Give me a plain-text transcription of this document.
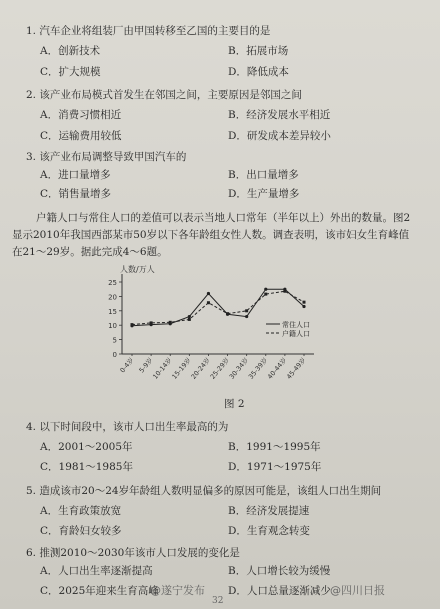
1. 汽车企业将组装厂由甲国转移至乙国的主要目的是
A．创新技术	B．拓展市场
C．扩大规模	D．降低成本
2. 该产业布局模式首发生在邻国之间，主要原因是邻国之间
A．消费习惯相近	B．经济发展水平相近
C．运输费用较低	D．研发成本差异较小
3. 该产业布局调整导致甲国汽车的
A．进口量增多	B．出口量增多
C．销售量增多	D．生产量增多

户籍人口与常住人口的差值可以表示当地人口常年（半年以上）外出的数量。图2

显示2010年我国西部某市50岁以下各年龄组女性人数。调查表明，该市妇女生育峰值

在21～29岁。据此完成4～6题。

人数/万人
0
5
10
15
20
25
0-4岁 5-9岁
10-14岁
15-19岁
20-24岁
25-29岁
30-34岁
35-39岁
40-44岁
45-49岁
常住人口
户籍人口
图 2
4. 以下时间段中，该市人口出生率最高的为
A．2001～2005年	B．1991～1995年
C．1981～1985年	D．1971～1975年
5. 造成该市20～24岁年龄组人数明显偏多的原因可能是，该组人口出生期间
A．生育政策放宽	B．经济发展提速
C．育龄妇女较多	D．生育观念转变
6. 推测2010～2030年该市人口发展的变化是
A．人口出生率逐渐提高	B．人口增长较为缓慢
C．2025年迎来生育高峰	D．人口总量逐渐减少
@遂宁发布	@四川日报
32
